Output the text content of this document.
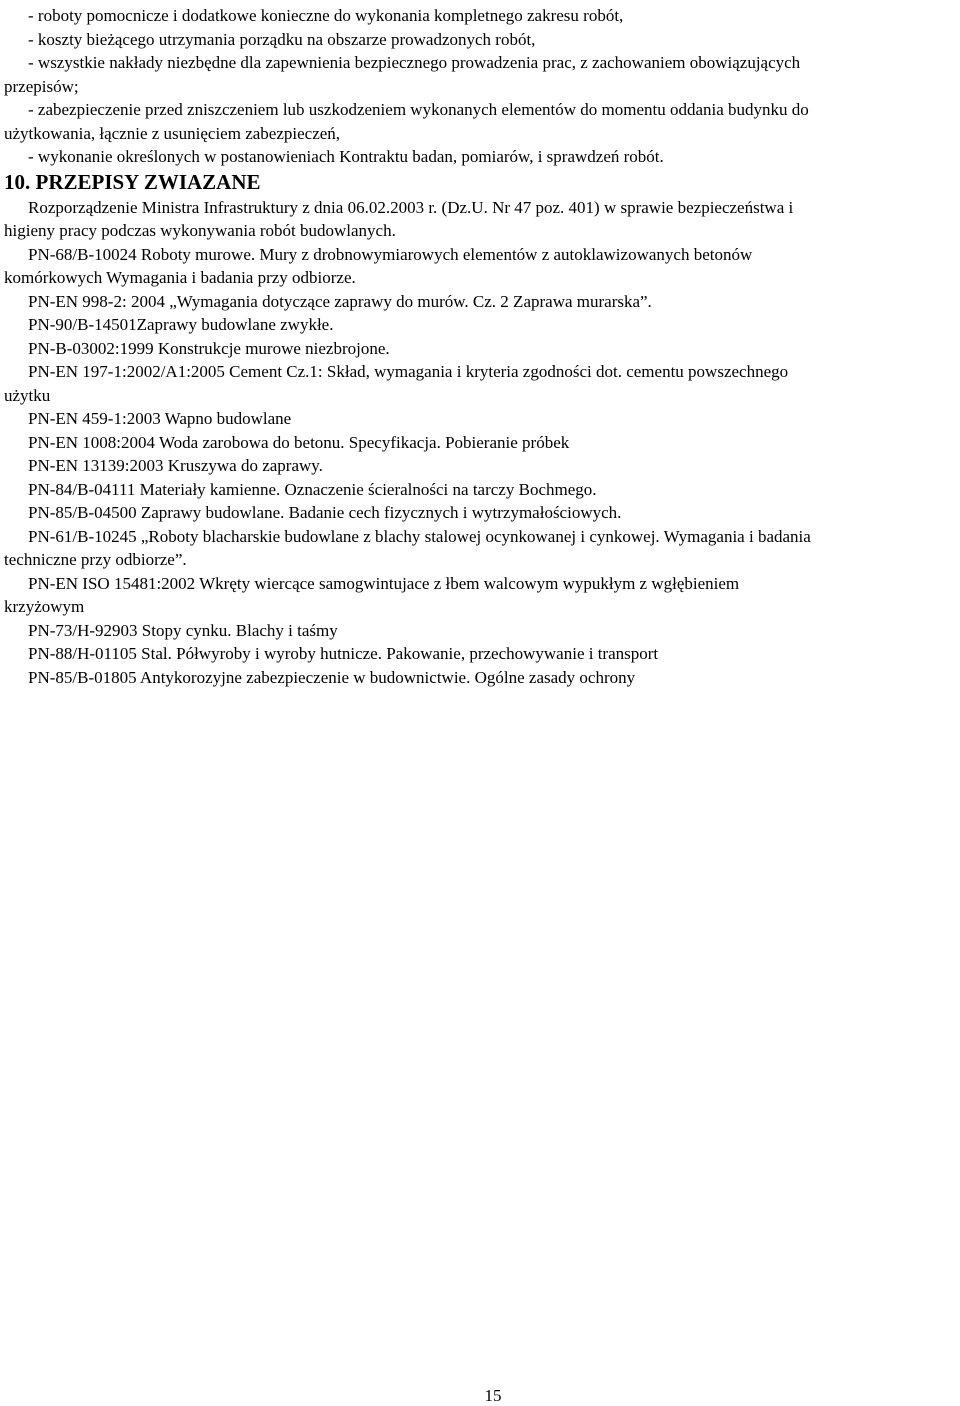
- roboty pomocnicze i dodatkowe konieczne do wykonania kompletnego zakresu robót,
- koszty bieżącego utrzymania porządku na obszarze prowadzonych robót,
- wszystkie nakłady niezbędne dla zapewnienia bezpiecznego prowadzenia prac, z zachowaniem obowiązujących
przepisów;
- zabezpieczenie przed zniszczeniem lub uszkodzeniem wykonanych elementów do momentu oddania budynku do
użytkowania, łącznie z usunięciem zabezpieczeń,
- wykonanie określonych w postanowieniach Kontraktu badan, pomiarów, i sprawdzeń robót.
10. PRZEPISY ZWIAZANE
Rozporządzenie Ministra Infrastruktury z dnia 06.02.2003 r. (Dz.U. Nr 47 poz. 401) w sprawie bezpieczeństwa i
higieny pracy podczas wykonywania robót budowlanych.
PN-68/B-10024 Roboty murowe. Mury z drobnowymiarowych elementów z autoklawizowanych betonów
komórkowych Wymagania i badania przy odbiorze.
PN-EN 998-2: 2004 „Wymagania dotyczące zaprawy do murów. Cz. 2 Zaprawa murarska”.
PN-90/B-14501Zaprawy budowlane zwykłe.
PN-B-03002:1999 Konstrukcje murowe niezbrojone.
PN-EN 197-1:2002/A1:2005 Cement Cz.1: Skład, wymagania i kryteria zgodności dot. cementu powszechnego
użytku
PN-EN 459-1:2003 Wapno budowlane
PN-EN 1008:2004 Woda zarobowa do betonu. Specyfikacja. Pobieranie próbek
PN-EN 13139:2003 Kruszywa do zaprawy.
PN-84/B-04111 Materiały kamienne. Oznaczenie ścieralności na tarczy Bochmego.
PN-85/B-04500 Zaprawy budowlane. Badanie cech fizycznych i wytrzymałościowych.
PN-61/B-10245 „Roboty blacharskie budowlane z blachy stalowej ocynkowanej i cynkowej. Wymagania i badania
techniczne przy odbiorze”.
PN-EN ISO 15481:2002 Wkręty wiercące samogwintujace z łbem walcowym wypukłym z wgłębieniem
krzyżowym
PN-73/H-92903 Stopy cynku. Blachy i taśmy
PN-88/H-01105 Stal. Półwyroby i wyroby hutnicze. Pakowanie, przechowywanie i transport
PN-85/B-01805 Antykorozyjne zabezpieczenie w budownictwie. Ogólne zasady ochrony
15
